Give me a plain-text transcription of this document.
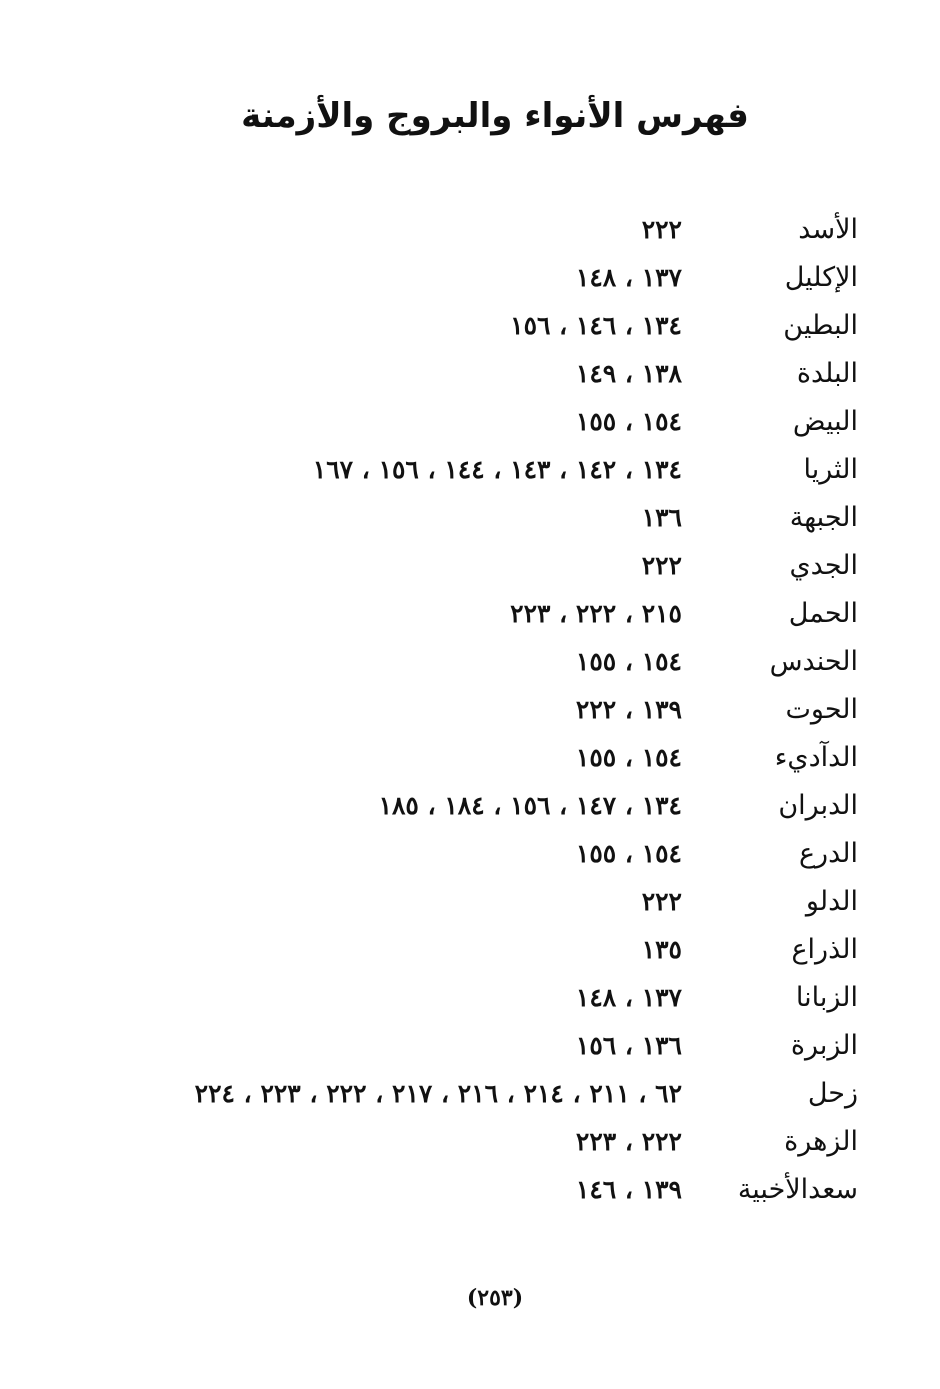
فهرس الأنواء والبروج والأزمنة
الأسد
٢٢٢
الإكليل
١٣٧ ، ١٤٨
البطين
١٣٤ ، ١٤٦ ، ١٥٦
البلدة
١٣٨ ، ١٤٩
البيض
١٥٤ ، ١٥٥
الثريا
١٣٤ ، ١٤٢ ، ١٤٣ ، ١٤٤ ، ١٥٦ ، ١٦٧
الجبهة
١٣٦
الجدي
٢٢٢
الحمل
٢١٥ ، ٢٢٢ ، ٢٢٣
الحندس
١٥٤ ، ١٥٥
الحوت
١٣٩ ، ٢٢٢
الدآديء
١٥٤ ، ١٥٥
الدبران
١٣٤ ، ١٤٧ ، ١٥٦ ، ١٨٤ ، ١٨٥
الدرع
١٥٤ ، ١٥٥
الدلو
٢٢٢
الذراع
١٣٥
الزبانا
١٣٧ ، ١٤٨
الزبرة
١٣٦ ، ١٥٦
زحل
٦٢ ، ٢١١ ، ٢١٤ ، ٢١٦ ، ٢١٧ ، ٢٢٢ ، ٢٢٣ ، ٢٢٤
الزهرة
٢٢٢ ، ٢٢٣
سعدالأخبية
١٣٩ ، ١٤٦
(٢٥٣)
